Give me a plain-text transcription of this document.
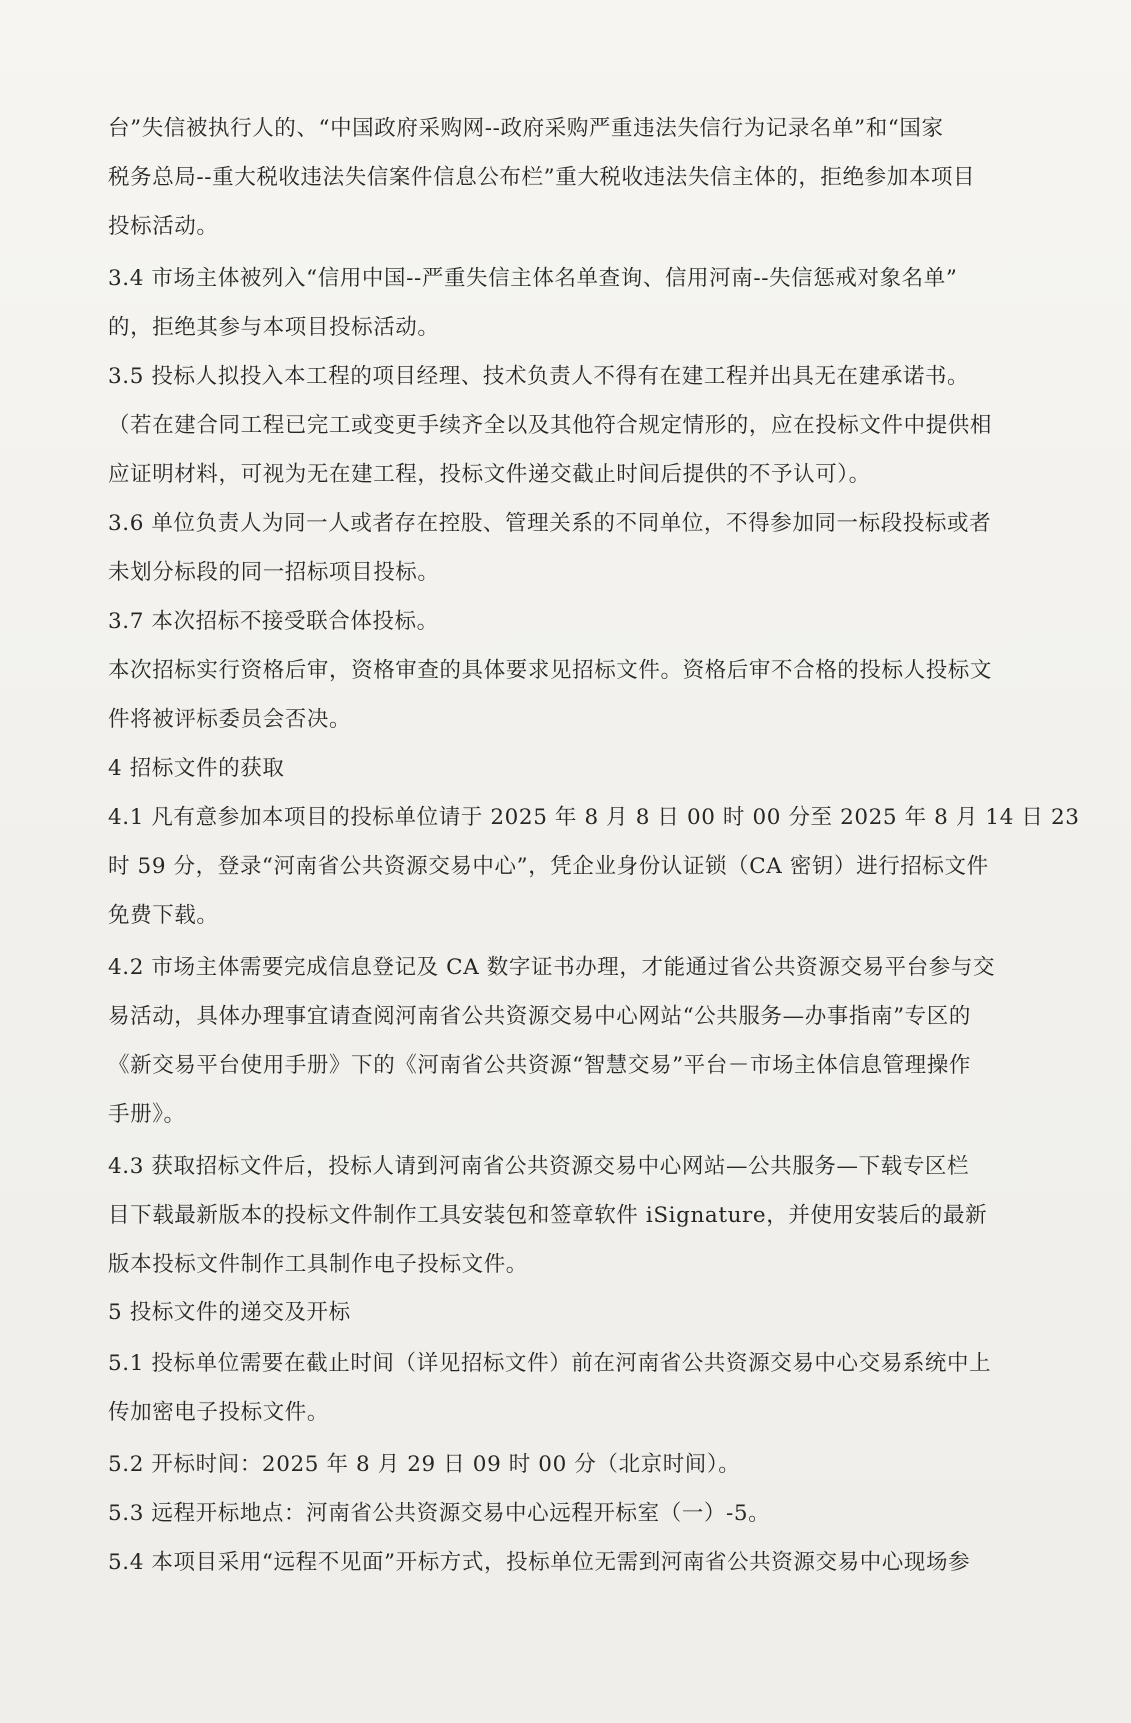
台”失信被执行人的、“中国政府采购网--政府采购严重违法失信行为记录名单”和“国家
税务总局--重大税收违法失信案件信息公布栏”重大税收违法失信主体的，拒绝参加本项目
投标活动。
3.4 市场主体被列入“信用中国--严重失信主体名单查询、信用河南--失信惩戒对象名单”
的，拒绝其参与本项目投标活动。
3.5 投标人拟投入本工程的项目经理、技术负责人不得有在建工程并出具无在建承诺书。
（若在建合同工程已完工或变更手续齐全以及其他符合规定情形的，应在投标文件中提供相
应证明材料，可视为无在建工程，投标文件递交截止时间后提供的不予认可）。
3.6 单位负责人为同一人或者存在控股、管理关系的不同单位，不得参加同一标段投标或者
未划分标段的同一招标项目投标。
3.7 本次招标不接受联合体投标。
本次招标实行资格后审，资格审查的具体要求见招标文件。资格后审不合格的投标人投标文
件将被评标委员会否决。
4 招标文件的获取
4.1 凡有意参加本项目的投标单位请于 2025 年 8 月 8 日 00 时 00 分至 2025 年 8 月 14 日 23
时 59 分，登录“河南省公共资源交易中心”，凭企业身份认证锁（CA 密钥）进行招标文件
免费下载。
4.2 市场主体需要完成信息登记及 CA 数字证书办理，才能通过省公共资源交易平台参与交
易活动，具体办理事宜请查阅河南省公共资源交易中心网站“公共服务—办事指南”专区的
《新交易平台使用手册》下的《河南省公共资源“智慧交易”平台－市场主体信息管理操作
手册》。
4.3 获取招标文件后，投标人请到河南省公共资源交易中心网站—公共服务—下载专区栏
目下载最新版本的投标文件制作工具安装包和签章软件 iSignature，并使用安装后的最新
版本投标文件制作工具制作电子投标文件。
5 投标文件的递交及开标
5.1 投标单位需要在截止时间（详见招标文件）前在河南省公共资源交易中心交易系统中上
传加密电子投标文件。
5.2 开标时间：2025 年 8 月 29 日 09 时 00 分（北京时间）。
5.3 远程开标地点：河南省公共资源交易中心远程开标室（一）-5。
5.4 本项目采用“远程不见面”开标方式，投标单位无需到河南省公共资源交易中心现场参
